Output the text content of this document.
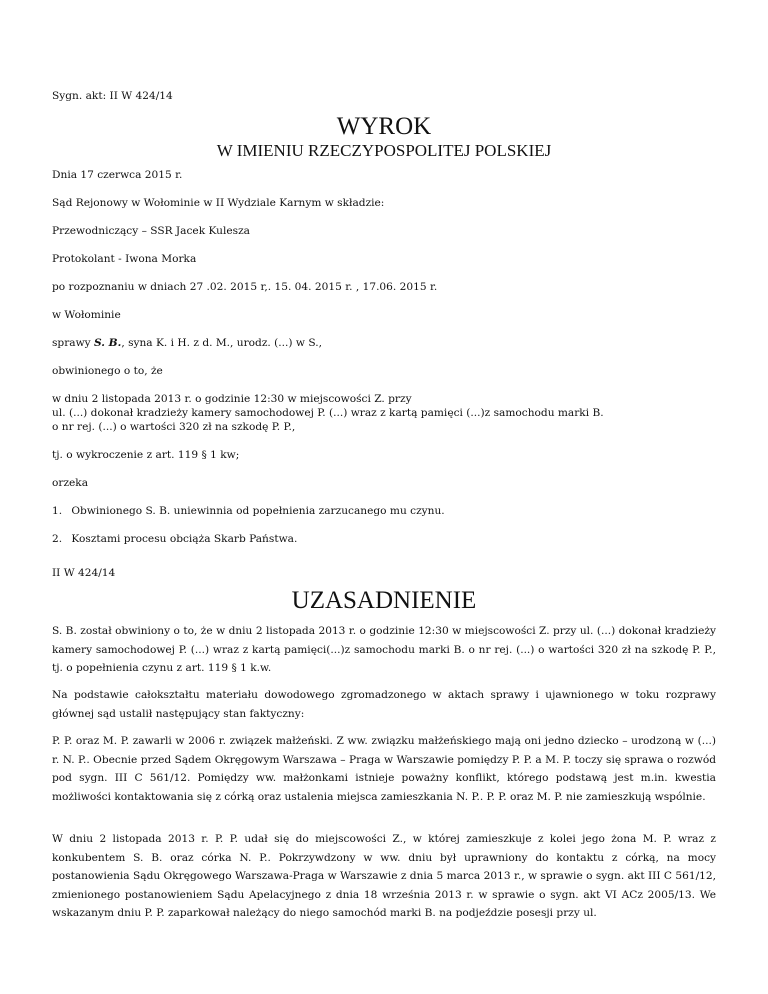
Sygn. akt: II W 424/14

WYROK
W IMIENIU RZECZYPOSPOLITEJ POLSKIEJ

Dnia 17 czerwca 2015 r.

Sąd Rejonowy w Wołominie w II Wydziale Karnym w składzie:

Przewodniczący – SSR Jacek Kulesza

Protokolant - Iwona Morka

po rozpoznaniu w dniach 27 .02. 2015 r,. 15. 04. 2015 r. , 17.06. 2015 r.

w Wołominie

sprawy S. B., syna K. i H. z d. M., urodz. (...) w S.,

obwinionego o to, że

w dniu 2 listopada 2013 r. o godzinie 12:30 w miejscowości Z. przy

ul. (...) dokonał kradzieży kamery samochodowej P. (...) wraz z kartą pamięci (...)z samochodu marki B.

o nr rej. (...) o wartości 320 zł na szkodę P. P.,

tj. o wykroczenie z art. 119 § 1 kw;

orzeka

1. Obwinionego S. B. uniewinnia od popełnienia zarzucanego mu czynu.

2. Kosztami procesu obciąża Skarb Państwa.

II W 424/14

UZASADNIENIE

S. B. został obwiniony o to, że w dniu 2 listopada 2013 r. o godzinie 12:30 w miejscowości Z. przy ul. (...) dokonał kradzieży kamery samochodowej P. (...) wraz z kartą pamięci(...)z samochodu marki B. o nr rej. (...) o wartości 320 zł na szkodę P. P., tj. o popełnienia czynu z art. 119 § 1 k.w.

Na podstawie całokształtu materiału dowodowego zgromadzonego w aktach sprawy i ujawnionego w toku rozprawy głównej sąd ustalił następujący stan faktyczny:

P. P. oraz M. P. zawarli w 2006 r. związek małżeński. Z ww. związku małżeńskiego mają oni jedno dziecko – urodzoną w (...) r. N. P.. Obecnie przed Sądem Okręgowym Warszawa – Praga w Warszawie pomiędzy P. P. a M. P. toczy się sprawa o rozwód pod sygn. III C 561/12. Pomiędzy ww. małżonkami istnieje poważny konflikt, którego podstawą jest m.in. kwestia możliwości kontaktowania się z córką oraz ustalenia miejsca zamieszkania N. P.. P. P. oraz M. P. nie zamieszkują wspólnie.

W dniu 2 listopada 2013 r. P. P. udał się do miejscowości Z., w której zamieszkuje z kolei jego żona M. P. wraz z konkubentem S. B. oraz córka N. P.. Pokrzywdzony w ww. dniu był uprawniony do kontaktu z córką, na mocy postanowienia Sądu Okręgowego Warszawa-Praga w Warszawie z dnia 5 marca 2013 r., w sprawie o sygn. akt III C 561/12, zmienionego postanowieniem Sądu Apelacyjnego z dnia 18 września 2013 r. w sprawie o sygn. akt VI ACz 2005/13. We wskazanym dniu P. P. zaparkował należący do niego samochód marki B. na podjeździe posesji przy ul.
